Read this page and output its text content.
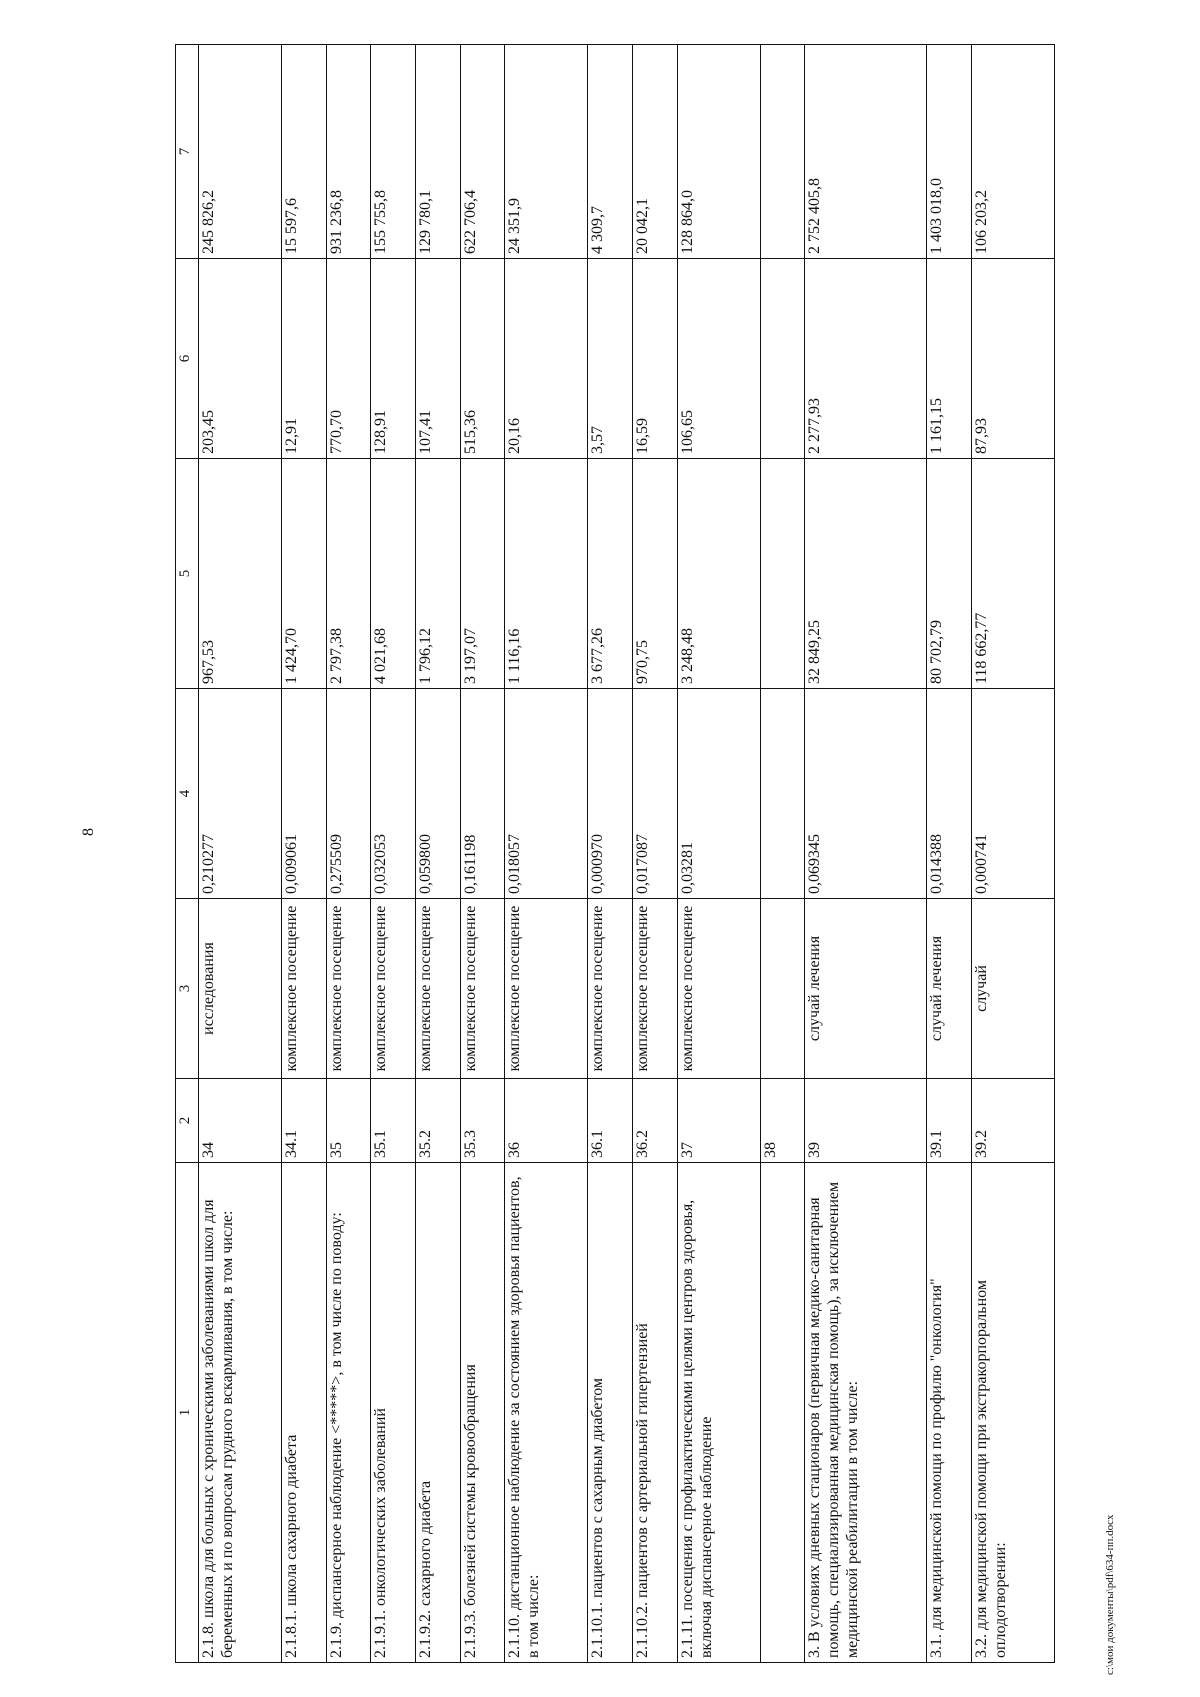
8
1	2	3	4	5	6	7
2.1.8. школа для больных с хроническими заболеваниями школ для беременных и по вопросам грудного вскармливания, в том числе:	34	исследования	0,210277	967,53	203,45	245 826,2
2.1.8.1. школа сахарного диабета	34.1	комплексное посещение	0,009061	1 424,70	12,91	15 597,6
2.1.9. диспансерное наблюдение <*****>, в том числе по поводу:	35	комплексное посещение	0,275509	2 797,38	770,70	931 236,8
2.1.9.1. онкологических заболеваний	35.1	комплексное посещение	0,032053	4 021,68	128,91	155 755,8
2.1.9.2. сахарного диабета	35.2	комплексное посещение	0,059800	1 796,12	107,41	129 780,1
2.1.9.3. болезней системы кровообращения	35.3	комплексное посещение	0,161198	3 197,07	515,36	622 706,4
2.1.10. дистанционное наблюдение за состоянием здоровья пациентов, в том числе:	36	комплексное посещение	0,018057	1 116,16	20,16	24 351,9
2.1.10.1. пациентов с сахарным диабетом	36.1	комплексное посещение	0,000970	3 677,26	3,57	4 309,7
2.1.10.2. пациентов с артериальной гипертензией	36.2	комплексное посещение	0,017087	970,75	16,59	20 042,1
2.1.11. посещения с профилактическими целями центров здоровья, включая диспансерное наблюдение	37	комплексное посещение	0,03281	3 248,48	106,65	128 864,0
	38					
3. В условиях дневных стационаров (первичная медико-санитарная помощь, специализированная медицинская помощь), за исключением медицинской реабилитации в том числе:	39	случай лечения	0,069345	32 849,25	2 277,93	2 752 405,8
3.1. для медицинской помощи по профилю "онкология"	39.1	случай лечения	0,014388	80 702,79	1 161,15	1 403 018,0
3.2. для медицинской помощи при экстракорпоральном оплодотворении:	39.2	случай	0,000741	118 662,77	87,93	106 203,2
c:\мои документы\pdf\634-пп.docx
